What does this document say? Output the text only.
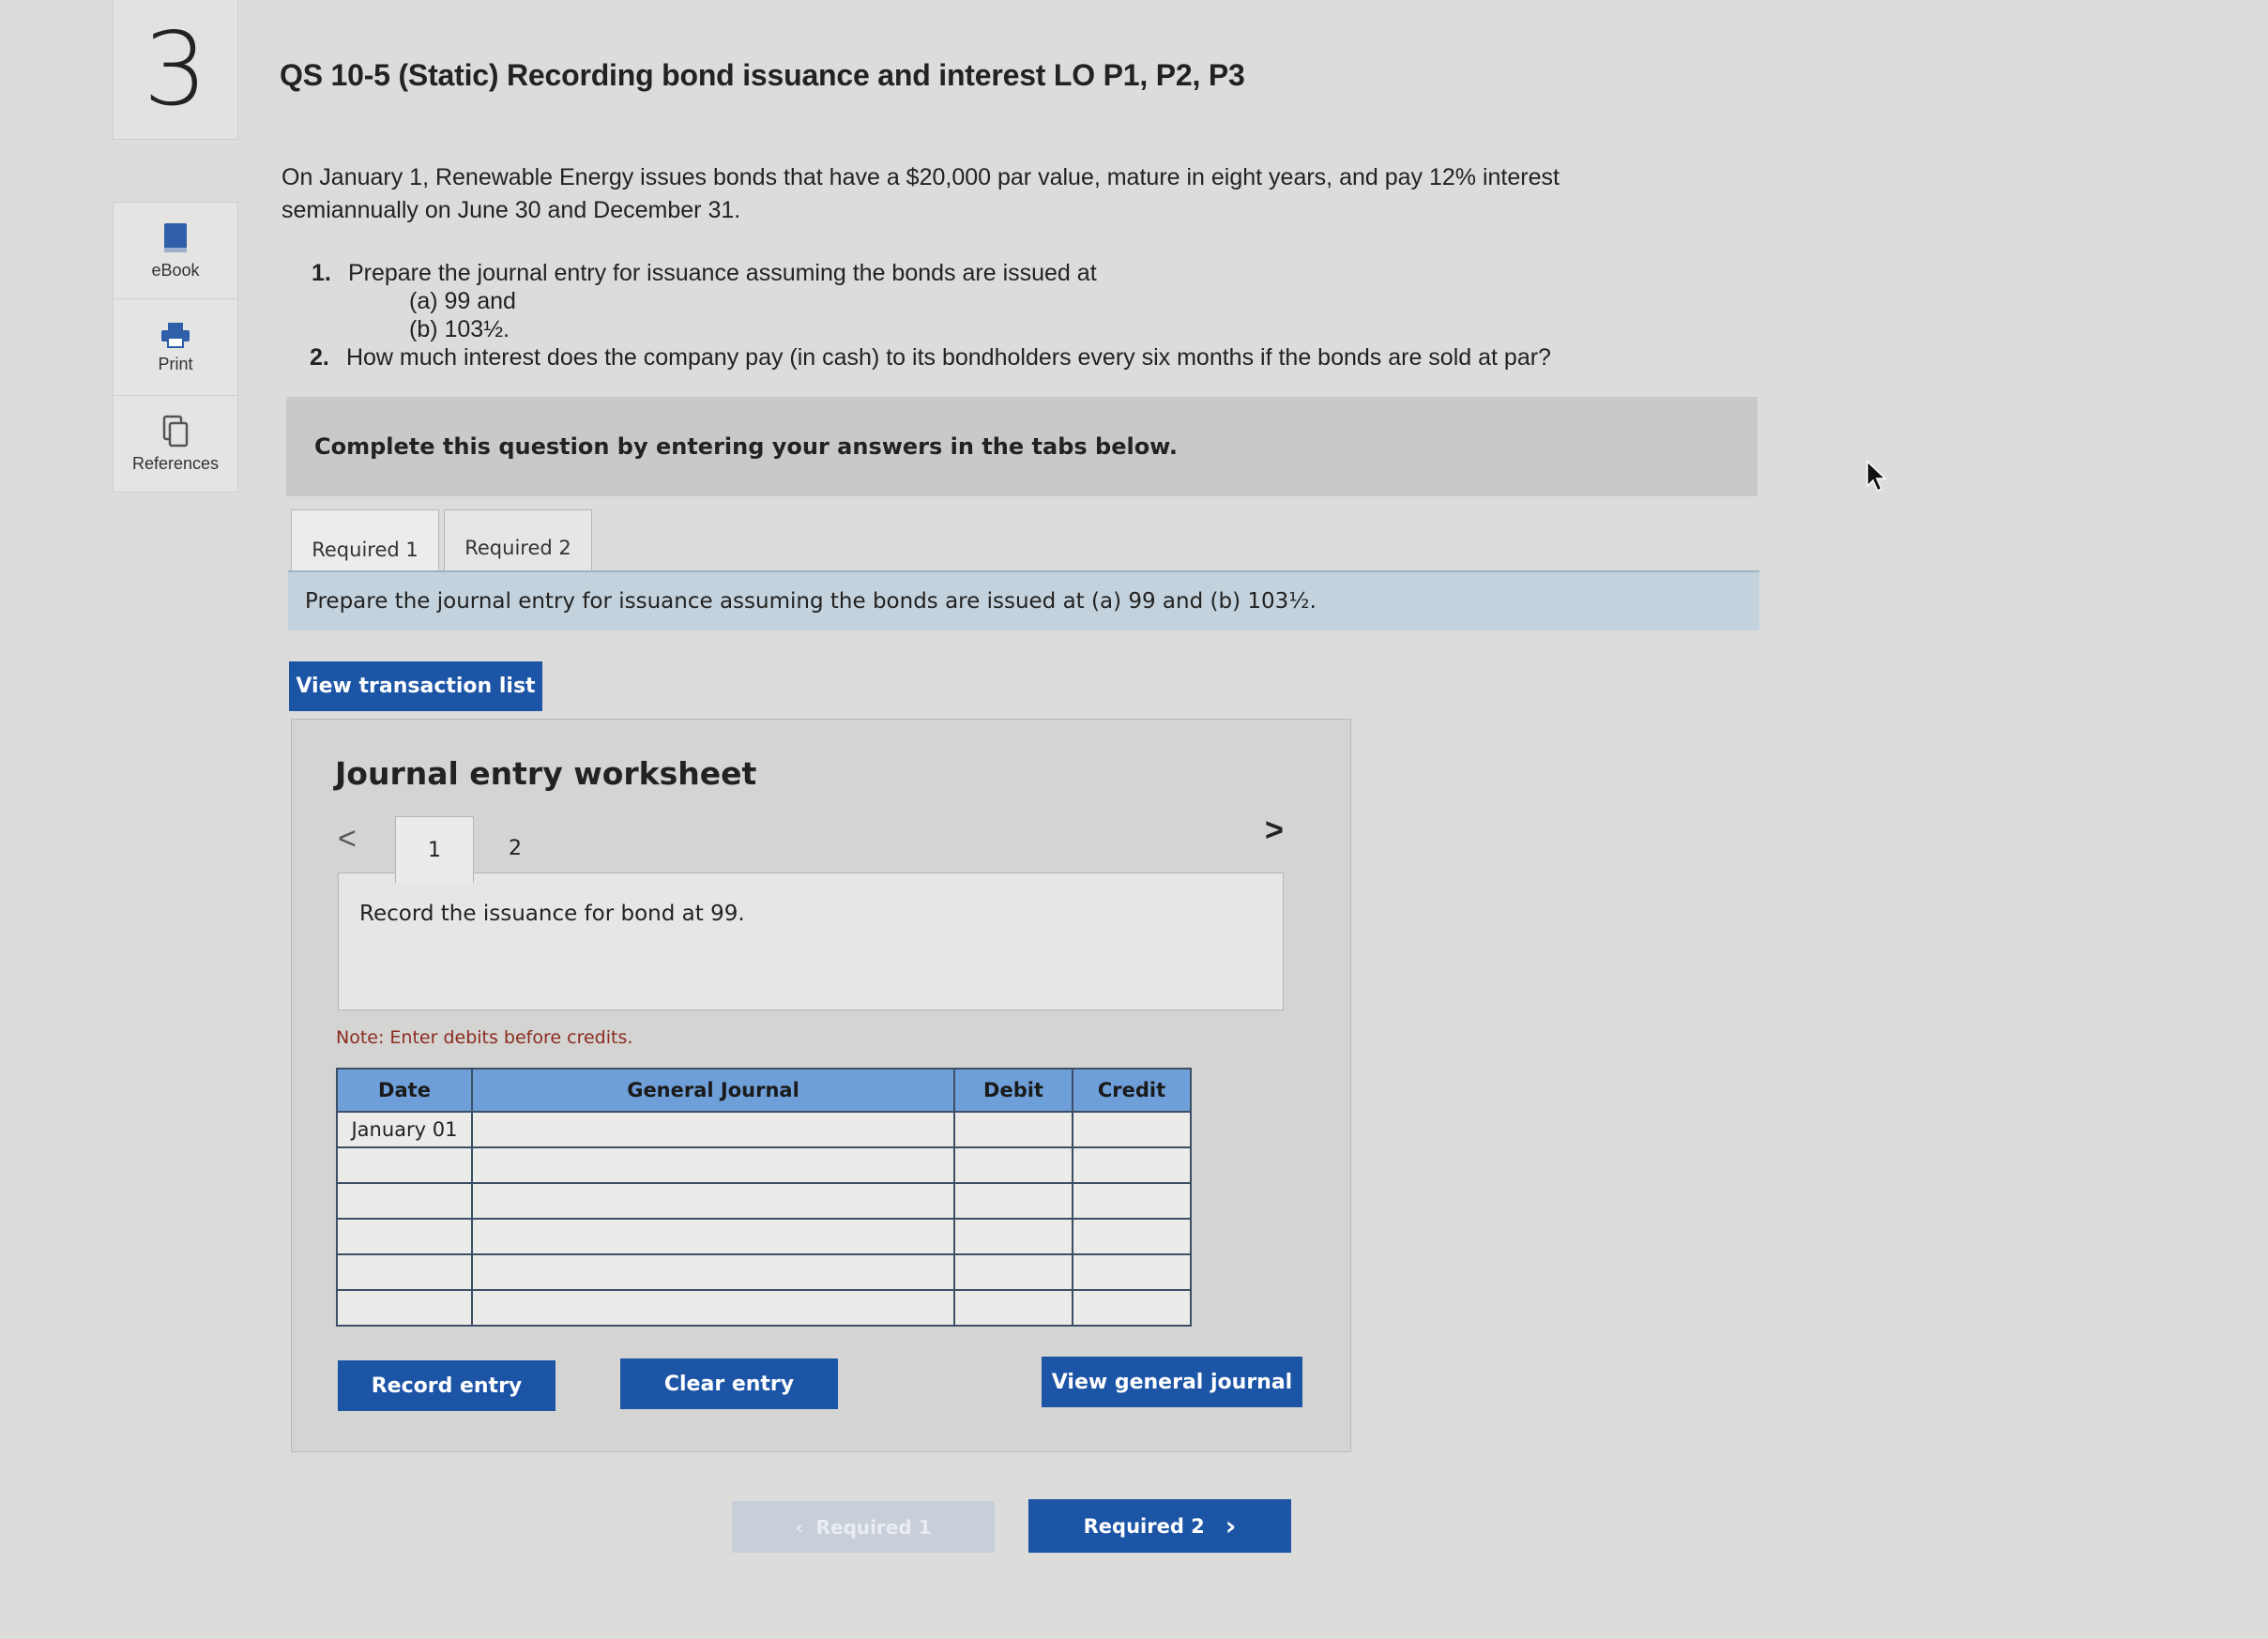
3
eBook
Print
References
QS 10-5 (Static) Recording bond issuance and interest LO P1, P2, P3
On January 1, Renewable Energy issues bonds that have a $20,000 par value, mature in eight years, and pay 12% interest semiannually on June 30 and December 31.
1. Prepare the journal entry for issuance assuming the bonds are issued at
(a) 99 and
(b) 103½.
2. How much interest does the company pay (in cash) to its bondholders every six months if the bonds are sold at par?
Complete this question by entering your answers in the tabs below.
Required 1	Required 2
Prepare the journal entry for issuance assuming the bonds are issued at (a) 99 and (b) 103½.
View transaction list
Journal entry worksheet
<	>
Record the issuance for bond at 99.
1	2
Note: Enter debits before credits.
Date	General Journal	Debit	Credit
January 01			

Record entry	Clear entry	View general journal
‹ Required 1	Required 2 ›
